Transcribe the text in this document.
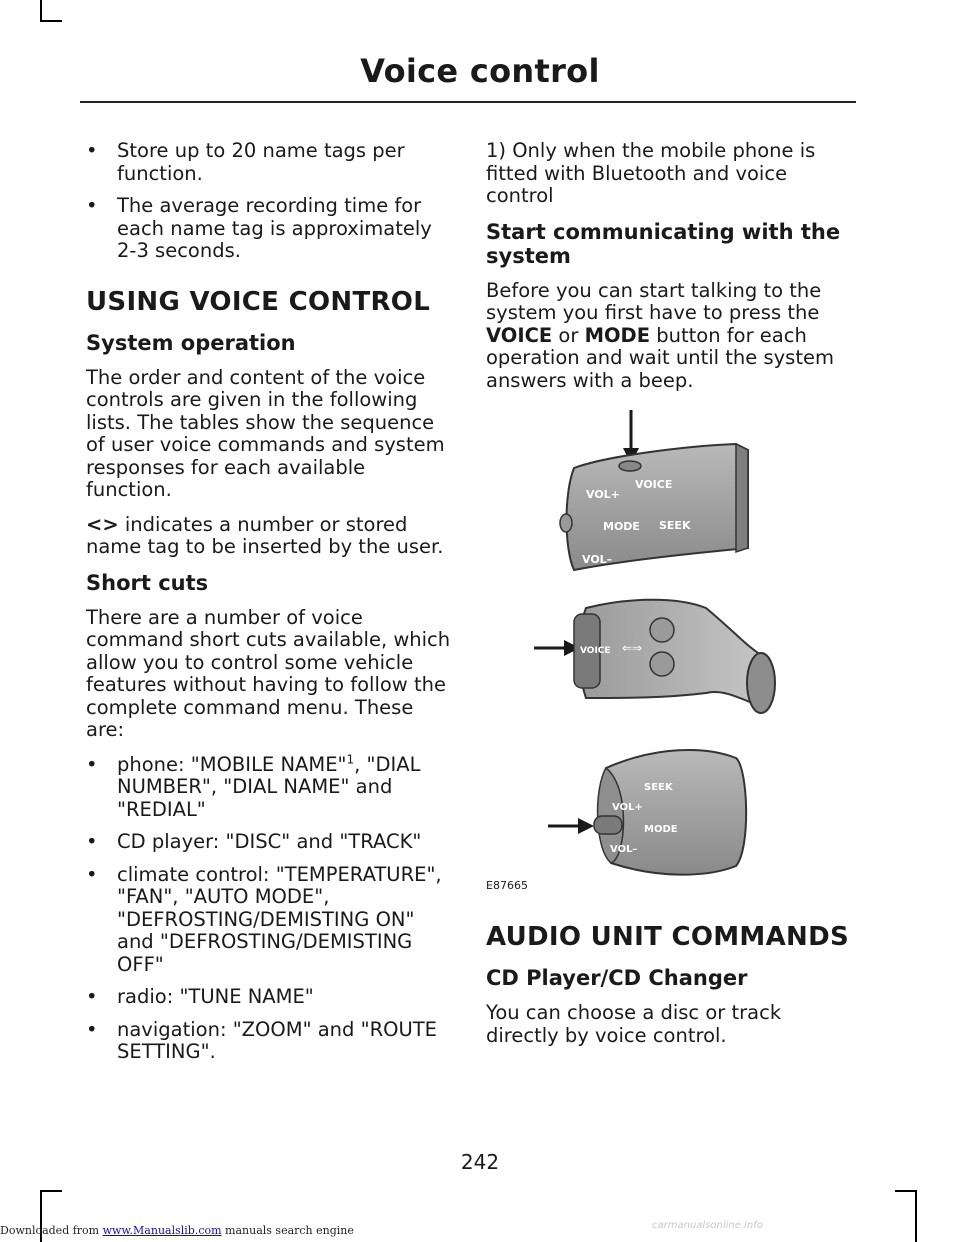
Voice control
• Store up to 20 name tags per function.
• The average recording time for each name tag is approximately 2-3 seconds.
USING VOICE CONTROL
System operation

The order and content of the voice controls are given in the following lists. The tables show the sequence of user voice commands and system responses for each available function.

<> indicates a number or stored name tag to be inserted by the user.

Short cuts

There are a number of voice command short cuts available, which allow you to control some vehicle features without having to follow the complete command menu. These are:

• phone: "MOBILE NAME"$^1$, "DIAL NUMBER", "DIAL NAME" and "REDIAL"
• CD player: "DISC" and "TRACK"
• climate control: "TEMPERATURE", "FAN", "AUTO MODE", "DEFROSTING/DEMISTING ON" and "DEFROSTING/DEMISTING OFF"
• radio: "TUNE NAME"
• navigation: "ZOOM" and "ROUTE SETTING".

1) Only when the mobile phone is fitted with Bluetooth and voice control

Start communicating with the system

Before you can start talking to the system you first have to press the VOICE or MODE button for each operation and wait until the system answers with a beep.

VOICE
VOL+
MODE SEEK
VOL–
VOICE ⇐⇒
SEEK
VOL+
MODE
VOL–
E87665
AUDIO UNIT COMMANDS
CD Player/CD Changer

You can choose a disc or track directly by voice control.

242
Downloaded from www.Manualslib.com manuals search engine	carmanualsonline.info
